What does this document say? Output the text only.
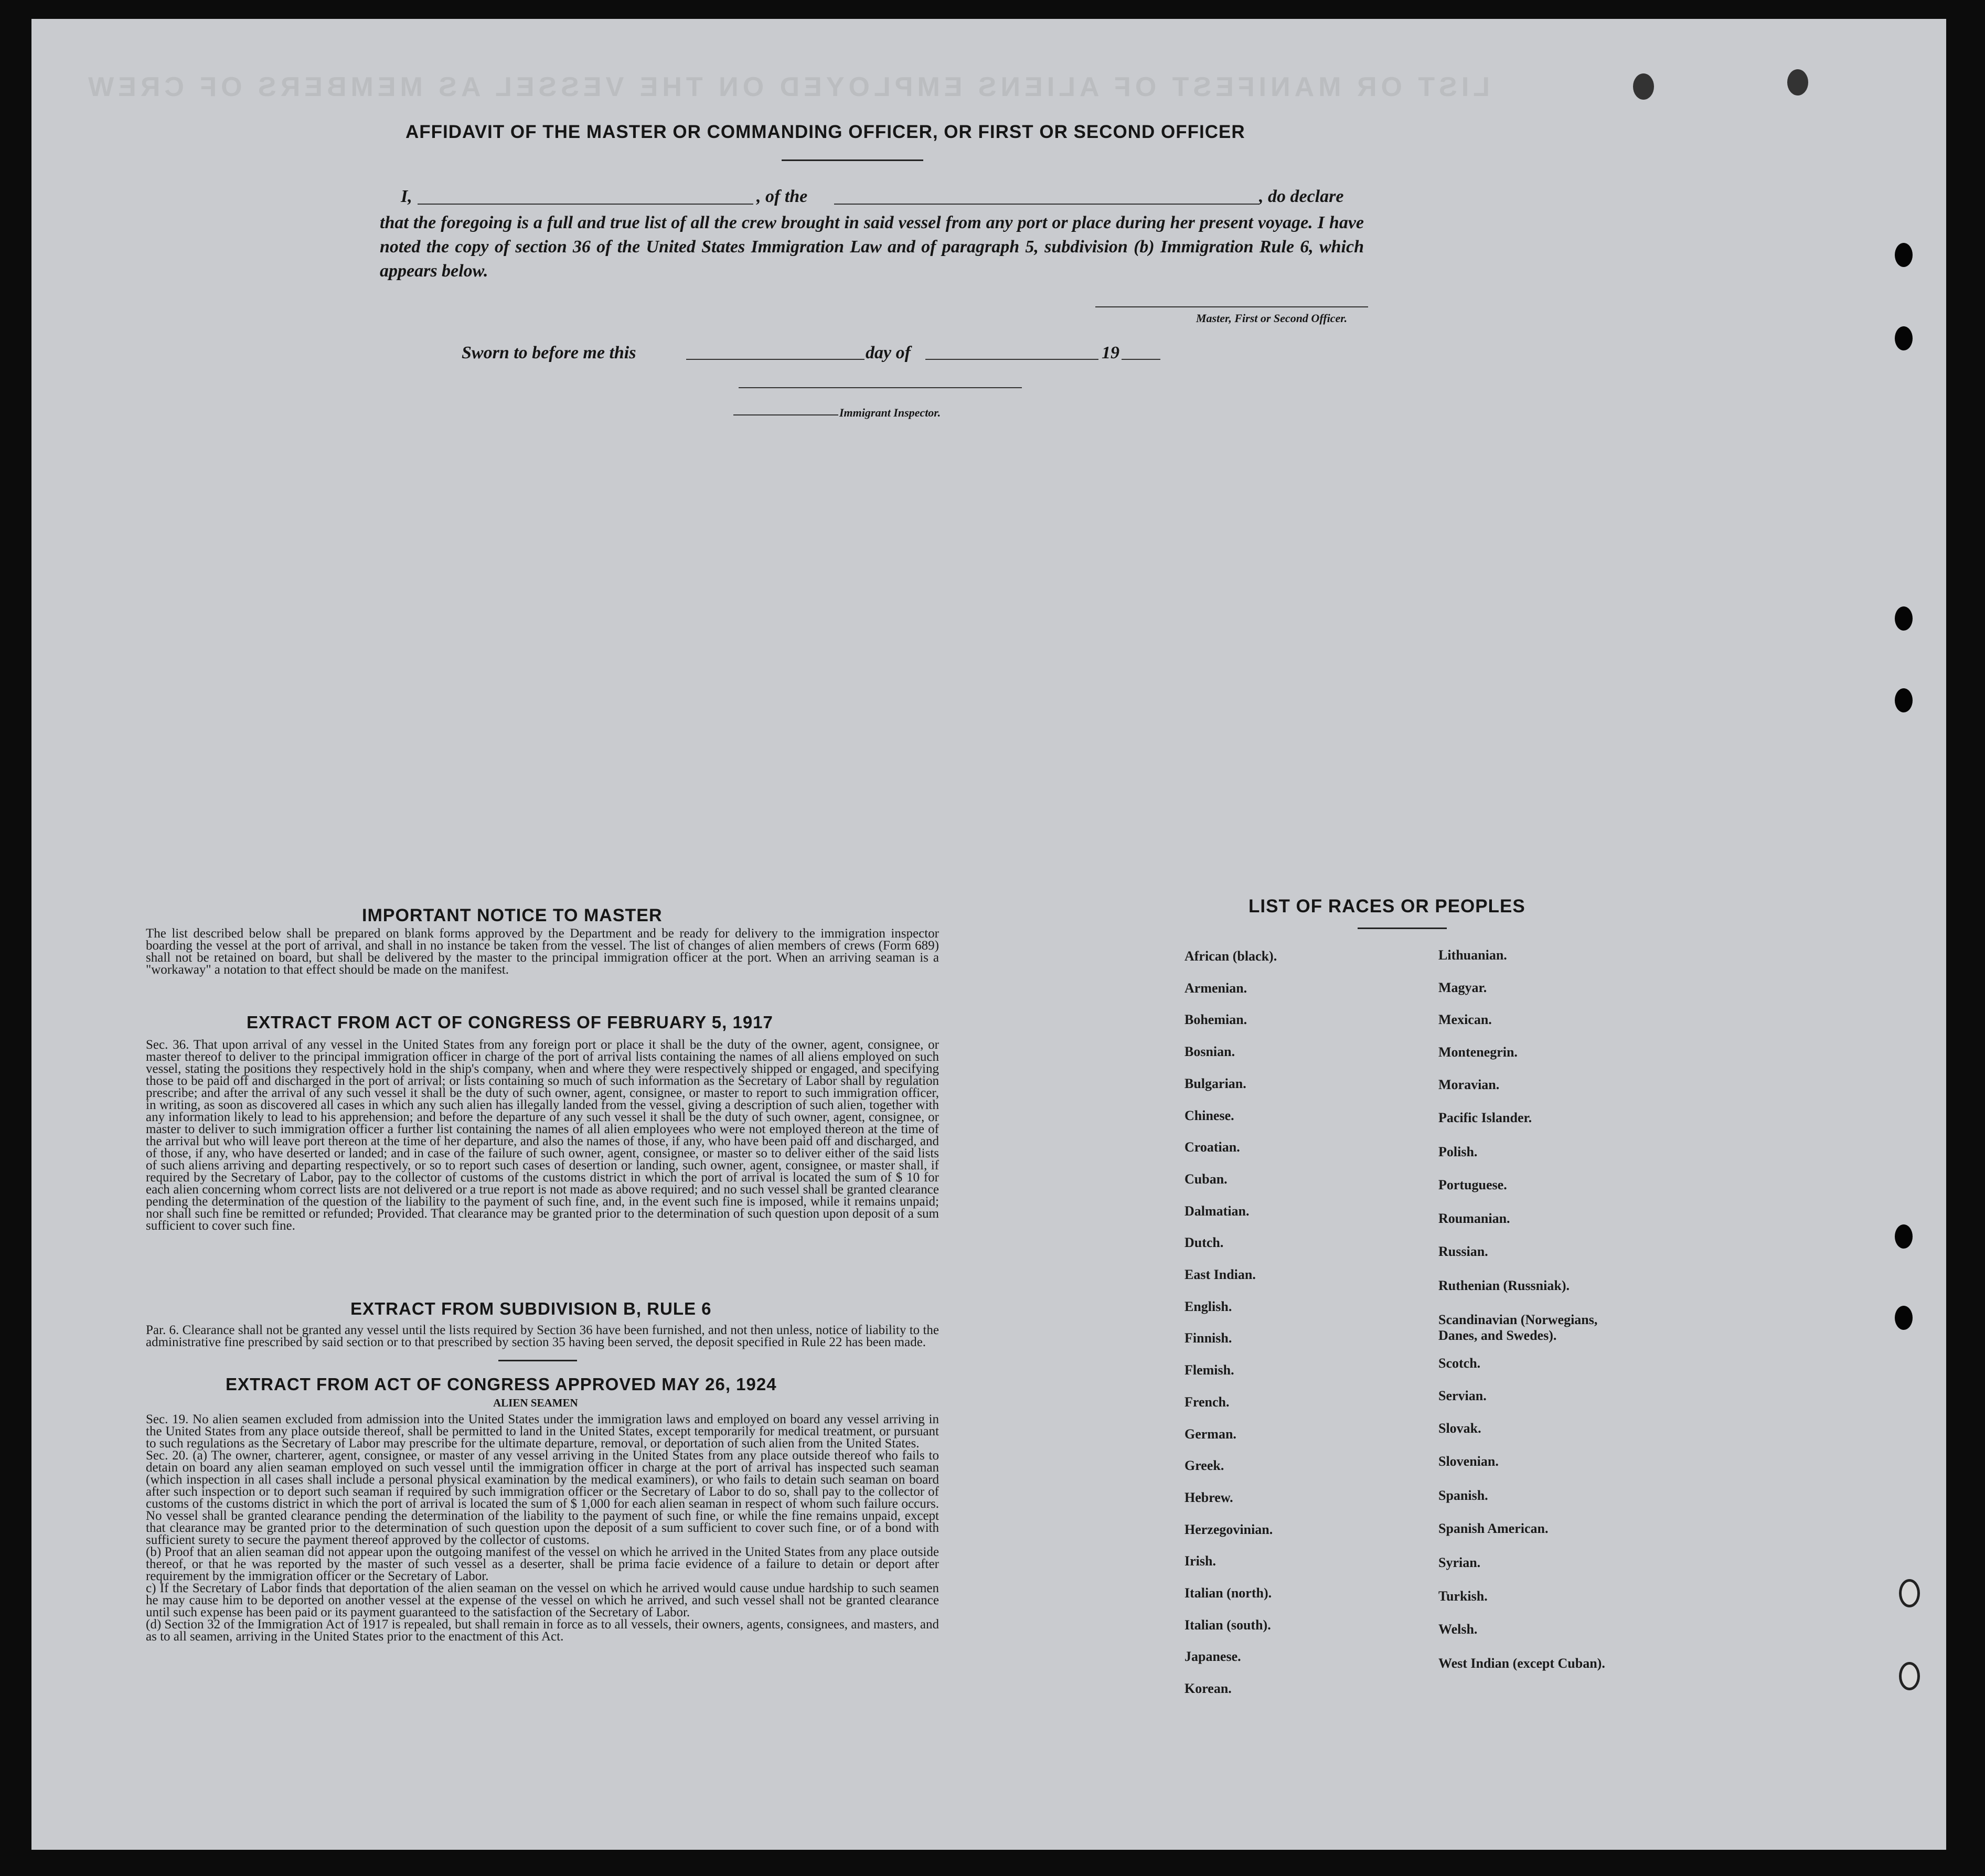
LIST OR MANIFEST OF ALIENS EMPLOYED ON THE VESSEL AS MEMBERS OF CREW
AFFIDAVIT OF THE MASTER OR COMMANDING OFFICER, OR FIRST OR SECOND OFFICER
I,	, of the	, do declare
that the foregoing is a full and true list of all the crew brought in said vessel from any port or place during her present voyage. I have noted the copy of section 36 of the United States Immigration Law and of paragraph 5, subdivision (b) Immigration Rule 6, which appears below.
Master, First or Second Officer.
Sworn to before me this	day of	19
Immigrant Inspector.
IMPORTANT NOTICE TO MASTER
The list described below shall be prepared on blank forms approved by the Department and be ready for delivery to the immigration inspector boarding the vessel at the port of arrival, and shall in no instance be taken from the vessel. The list of changes of alien members of crews (Form 689) shall not be retained on board, but shall be delivered by the master to the principal immigration officer at the port. When an arriving seaman is a "workaway" a notation to that effect should be made on the manifest.
EXTRACT FROM ACT OF CONGRESS OF FEBRUARY 5, 1917
Sec. 36. That upon arrival of any vessel in the United States from any foreign port or place it shall be the duty of the owner, agent, consignee, or master thereof to deliver to the principal immigration officer in charge of the port of arrival lists containing the names of all aliens employed on such vessel, stating the positions they respectively hold in the ship's company, when and where they were respectively shipped or engaged, and specifying those to be paid off and discharged in the port of arrival; or lists containing so much of such information as the Secretary of Labor shall by regulation prescribe; and after the arrival of any such vessel it shall be the duty of such owner, agent, consignee, or master to report to such immigration officer, in writing, as soon as discovered all cases in which any such alien has illegally landed from the vessel, giving a description of such alien, together with any information likely to lead to his apprehension; and before the departure of any such vessel it shall be the duty of such owner, agent, consignee, or master to deliver to such immigration officer a further list containing the names of all alien employees who were not employed thereon at the time of the arrival but who will leave port thereon at the time of her departure, and also the names of those, if any, who have been paid off and discharged, and of those, if any, who have deserted or landed; and in case of the failure of such owner, agent, consignee, or master so to deliver either of the said lists of such aliens arriving and departing respectively, or so to report such cases of desertion or landing, such owner, agent, consignee, or master shall, if required by the Secretary of Labor, pay to the collector of customs of the customs district in which the port of arrival is located the sum of $ 10 for each alien concerning whom correct lists are not delivered or a true report is not made as above required; and no such vessel shall be granted clearance pending the determination of the question of the liability to the payment of such fine, and, in the event such fine is imposed, while it remains unpaid; nor shall such fine be remitted or refunded; Provided. That clearance may be granted prior to the determination of such question upon deposit of a sum sufficient to cover such fine.
EXTRACT FROM SUBDIVISION B, RULE 6
Par. 6. Clearance shall not be granted any vessel until the lists required by Section 36 have been furnished, and not then unless, notice of liability to the administrative fine prescribed by said section or to that prescribed by section 35 having been served, the deposit specified in Rule 22 has been made.
EXTRACT FROM ACT OF CONGRESS APPROVED MAY 26, 1924
ALIEN SEAMEN
Sec. 19. No alien seamen excluded from admission into the United States under the immigration laws and employed on board any vessel arriving in the United States from any place outside thereof, shall be permitted to land in the United States, except temporarily for medical treatment, or pursuant to such regulations as the Secretary of Labor may prescribe for the ultimate departure, removal, or deportation of such alien from the United States.
Sec. 20. (a) The owner, charterer, agent, consignee, or master of any vessel arriving in the United States from any place outside thereof who fails to detain on board any alien seaman employed on such vessel until the immigration officer in charge at the port of arrival has inspected such seaman (which inspection in all cases shall include a personal physical examination by the medical examiners), or who fails to detain such seaman on board after such inspection or to deport such seaman if required by such immigration officer or the Secretary of Labor to do so, shall pay to the collector of customs of the customs district in which the port of arrival is located the sum of $ 1,000 for each alien seaman in respect of whom such failure occurs. No vessel shall be granted clearance pending the determination of the liability to the payment of such fine, or while the fine remains unpaid, except that clearance may be granted prior to the determination of such question upon the deposit of a sum sufficient to cover such fine, or of a bond with sufficient surety to secure the payment thereof approved by the collector of customs.
(b) Proof that an alien seaman did not appear upon the outgoing manifest of the vessel on which he arrived in the United States from any place outside thereof, or that he was reported by the master of such vessel as a deserter, shall be prima facie evidence of a failure to detain or deport after requirement by the immigration officer or the Secretary of Labor.
c) If the Secretary of Labor finds that deportation of the alien seaman on the vessel on which he arrived would cause undue hardship to such seamen he may cause him to be deported on another vessel at the expense of the vessel on which he arrived, and such vessel shall not be granted clearance until such expense has been paid or its payment guaranteed to the satisfaction of the Secretary of Labor.
(d) Section 32 of the Immigration Act of 1917 is repealed, but shall remain in force as to all vessels, their owners, agents, consignees, and masters, and as to all seamen, arriving in the United States prior to the enactment of this Act.
LIST OF RACES OR PEOPLES
African (black).
Armenian.
Bohemian.
Bosnian.
Bulgarian.
Chinese.
Croatian.
Cuban.
Dalmatian.
Dutch.
East Indian.
English.
Finnish.
Flemish.
French.
German.
Greek.
Hebrew.
Herzegovinian.
Irish.
Italian (north).
Italian (south).
Japanese.
Korean.
Lithuanian.
Magyar.
Mexican.
Montenegrin.
Moravian.
Pacific Islander.
Polish.
Portuguese.
Roumanian.
Russian.
Ruthenian (Russniak).
Scandinavian (Norwegians, Danes, and Swedes).
Scotch.
Servian.
Slovak.
Slovenian.
Spanish.
Spanish American.
Syrian.
Turkish.
Welsh.
West Indian (except Cuban).
